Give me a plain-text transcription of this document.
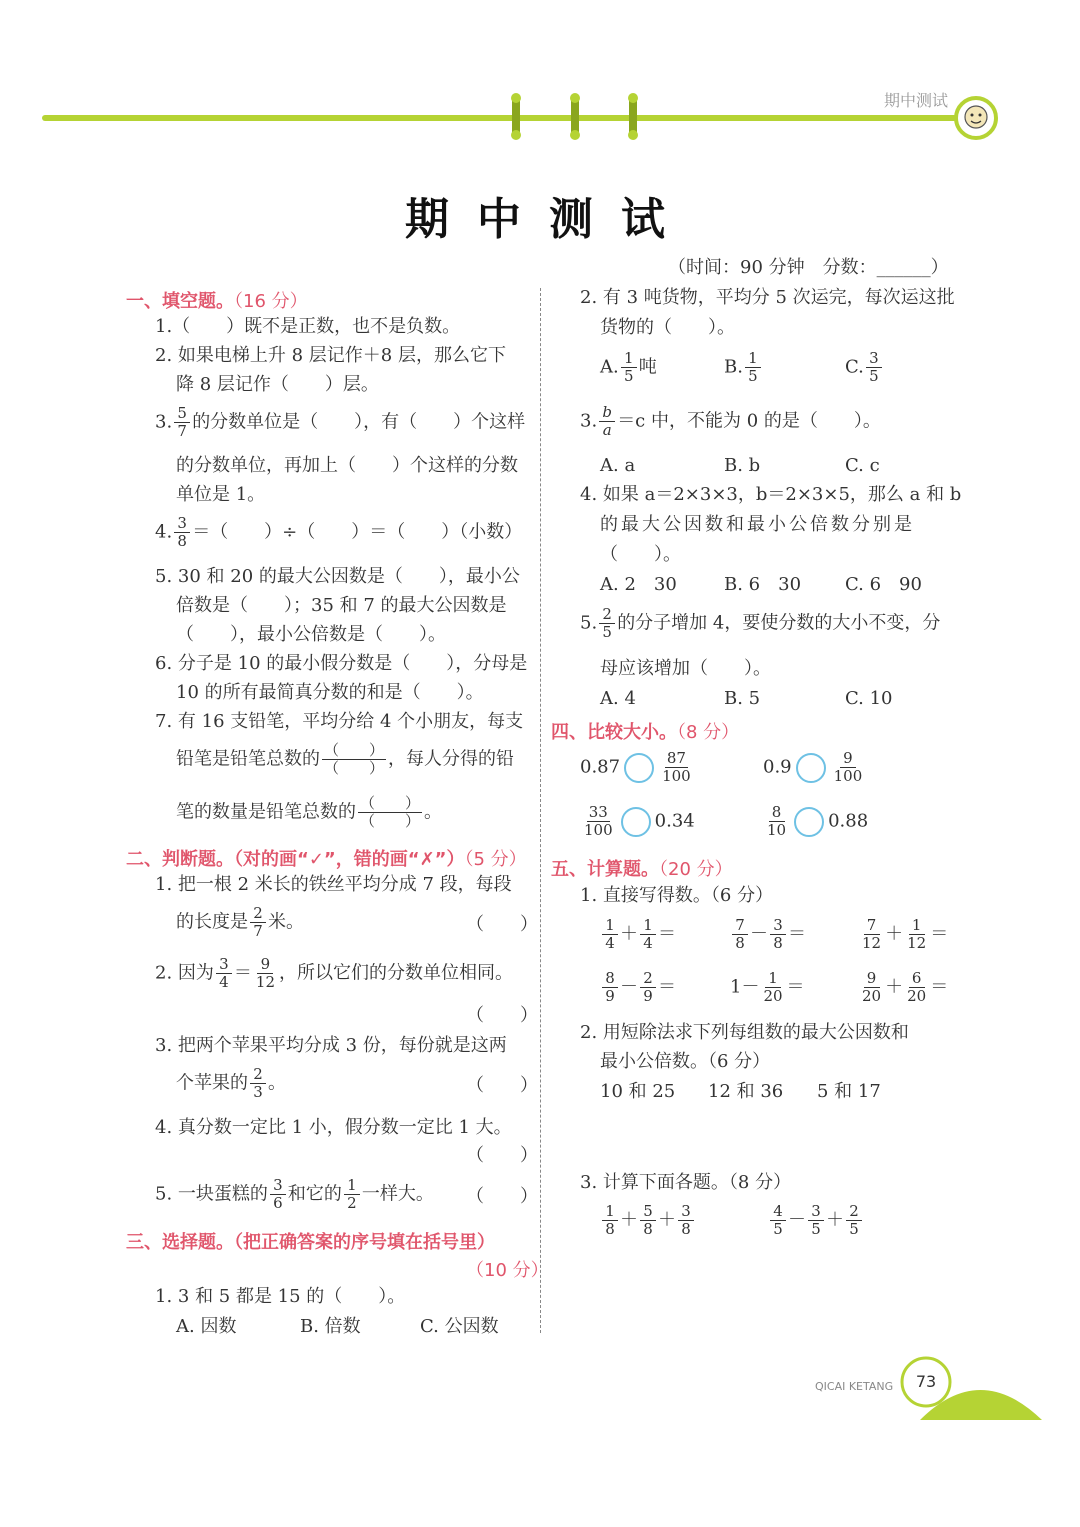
期中测试
期中测试
（时间：90 分钟　分数：______）
一、填空题。（16 分）
1.（　　）既不是正数，也不是负数。
2. 如果电梯上升 8 层记作＋8 层，那么它下
降 8 层记作（　　）层。
3. $\frac{5}{7}$ 的分数单位是（　　），有（　　）个这样
的分数单位，再加上（　　）个这样的分数
单位是 1。
4. $\frac{3}{8}$ ＝（　　）÷（　　）＝（　　）（小数）
5. 30 和 20 的最大公因数是（　　），最小公
倍数是（　　）；35 和 7 的最大公因数是
（　　），最小公倍数是（　　）。
6. 分子是 10 的最小假分数是（　　），分母是
10 的所有最简真分数的和是（　　）。
7. 有 16 支铅笔，平均分给 4 个小朋友，每支
铅笔是铅笔总数的 $\frac{( )}{( )}$ ，每人分得的铅
笔的数量是铅笔总数的 $\frac{( )}{( )}$ 。
二、判断题。（对的画“✓”，错的画“✗”）（5 分）
1. 把一根 2 米长的铁丝平均分成 7 段，每段
的长度是 $\frac{2}{7}$ 米。	（　　）
2. 因为 $\frac{3}{4} = \frac{9}{12}$ ，所以它们的分数单位相同。
（　　）
3. 把两个苹果平均分成 3 份，每份就是这两
个苹果的 $\frac{2}{3}$ 。	（　　）
4. 真分数一定比 1 小，假分数一定比 1 大。
（　　）
5. 一块蛋糕的 $\frac{3}{6}$ 和它的 $\frac{1}{2}$ 一样大。 （　　）
三、选择题。（把正确答案的序号填在括号里）
（10 分）
1. 3 和 5 都是 15 的（　　）。
A. 因数	B. 倍数	C. 公因数
2. 有 3 吨货物，平均分 5 次运完，每次运这批
货物的（　　）。
A. $\frac{1}{5}$ 吨	B. $\frac{1}{5}$	C. $\frac{3}{5}$
3. $\frac{b}{a} =c$ 中，不能为 0 的是（　　）。
A. a	B. b	C. c
4. 如果 a＝2×3×3，b＝2×3×5，那么 a 和 b
的最大公因数和最小公倍数分别是
（　　）。
A. 2　30	B. 6　30 C. 6　90
5. $\frac{2}{5}$ 的分子增加 4，要使分数的大小不变，分
母应该增加（　　）。
A. 4	B. 5	C. 10
四、比较大小。（8 分）
0.87	$\frac{87}{100}$	0.9	$\frac{9}{100}$
$\frac{33}{100} 0.34$	$\frac{8}{10} 0.88$
五、计算题。（20 分）
1. 直接写得数。（6 分）
$\frac{1}{4} + \frac{1}{4}$ ＝	$\frac{7}{8} - \frac{3}{8}$ ＝	$\frac{7}{12} + \frac{1}{12}$ ＝
$\frac{8}{9} - \frac{2}{9}$ ＝	$1- \frac{1}{20}$ ＝	$\frac{9}{20} + \frac{6}{20}$ ＝
2. 用短除法求下列每组数的最大公因数和
最小公倍数。（6 分）
10 和 25 12 和 36 5 和 17
3. 计算下面各题。（8 分）
$\frac{1}{8} + \frac{5}{8} + \frac{3}{8}$	$\frac{4}{5} - \frac{3}{5} + \frac{2}{5}$
QICAI KETANG 73
